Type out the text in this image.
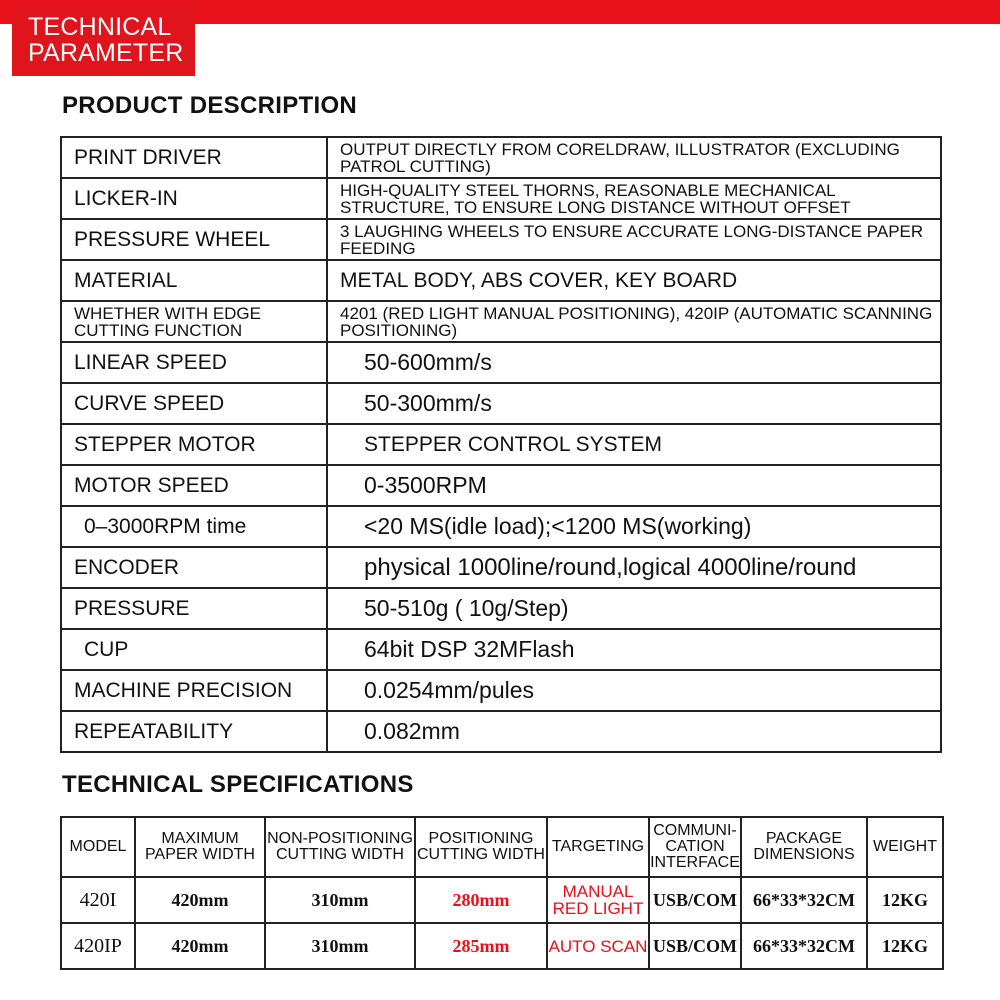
TECHNICAL
PARAMETER
PRODUCT DESCRIPTION
PRINT DRIVER	OUTPUT DIRECTLY FROM CORELDRAW, ILLUSTRATOR (EXCLUDING PATROL CUTTING)
LICKER-IN	HIGH-QUALITY STEEL THORNS, REASONABLE MECHANICAL STRUCTURE, TO ENSURE LONG DISTANCE WITHOUT OFFSET
PRESSURE WHEEL	3 LAUGHING WHEELS TO ENSURE ACCURATE LONG-DISTANCE PAPER FEEDING
MATERIAL	METAL BODY, ABS COVER, KEY BOARD
WHETHER WITH EDGE CUTTING FUNCTION	4201 (RED LIGHT MANUAL POSITIONING), 420IP (AUTOMATIC SCANNING POSITIONING)
LINEAR SPEED	50-600mm/s
CURVE SPEED	50-300mm/s
STEPPER MOTOR	STEPPER CONTROL SYSTEM
MOTOR SPEED	0-3500RPM
0–3000RPM time	<20 MS(idle load);<1200 MS(working)
ENCODER	physical 1000line/round,logical 4000line/round
PRESSURE	50-510g ( 10g/Step)
CUP	64bit DSP 32MFlash
MACHINE PRECISION	0.0254mm/pules
REPEATABILITY	0.082mm
TECHNICAL SPECIFICATIONS
MODEL	MAXIMUM PAPER WIDTH	NON-POSITIONING CUTTING WIDTH	POSITIONING CUTTING WIDTH	TARGETING	COMMUNI-CATION INTERFACE	PACKAGE DIMENSIONS	WEIGHT
420I	420mm	310mm	280mm	MANUAL RED LIGHT	USB/COM	66*33*32CM	12KG
420IP	420mm	310mm	285mm	AUTO SCAN	USB/COM	66*33*32CM	12KG
